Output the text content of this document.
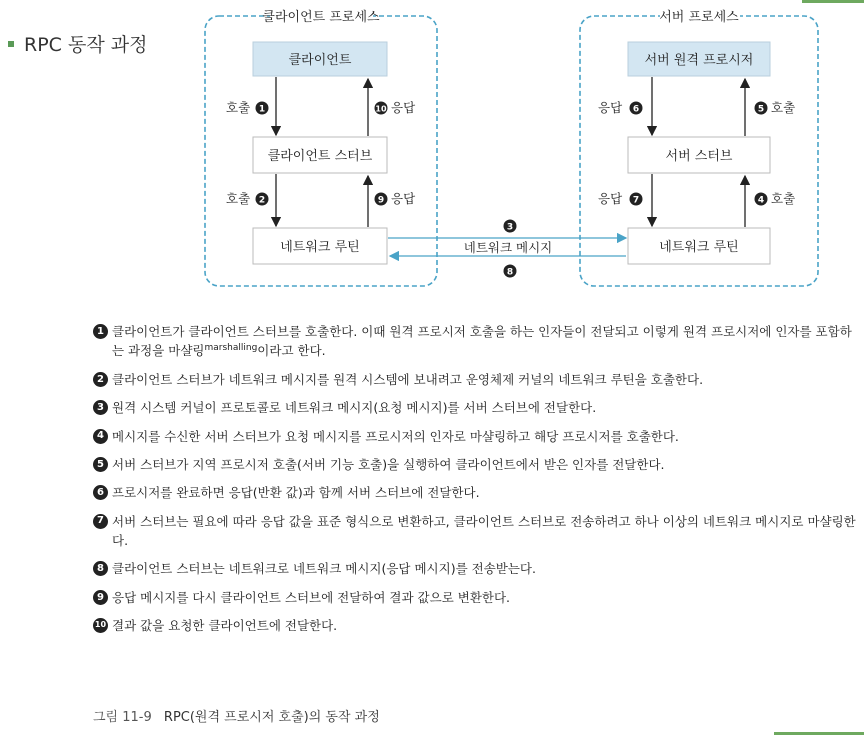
RPC 동작 과정
클라이언트 프로세스	서버 프로세스
클라이언트
클라이언트 스터브
네트워크 루틴
서버 원격 프로시저
서버 스터브
네트워크 루틴
호출 1	10 응답
호출 2	9 응답
응답 6	5 호출
응답 7	4 호출
3
네트워크 메시지
8
1 클라이언트가 클라이언트 스터브를 호출한다. 이때 원격 프로시저 호출을 하는 인자들이 전달되고 이렇게 원격 프로시저에 인자를 포함하는 과정을 마샬링$^{marshalling}$이라고 한다.
2 클라이언트 스터브가 네트워크 메시지를 원격 시스템에 보내려고 운영체제 커널의 네트워크 루틴을 호출한다.
3 원격 시스템 커널이 프로토콜로 네트워크 메시지(요청 메시지)를 서버 스터브에 전달한다.
4 메시지를 수신한 서버 스터브가 요청 메시지를 프로시저의 인자로 마샬링하고 해당 프로시저를 호출한다.
5 서버 스터브가 지역 프로시저 호출(서버 기능 호출)을 실행하여 클라이언트에서 받은 인자를 전달한다.
6 프로시저를 완료하면 응답(반환 값)과 함께 서버 스터브에 전달한다.
7 서버 스터브는 필요에 따라 응답 값을 표준 형식으로 변환하고, 클라이언트 스터브로 전송하려고 하나 이상의 네트워크 메시지로 마샬링한다.
8 클라이언트 스터브는 네트워크로 네트워크 메시지(응답 메시지)를 전송받는다.
9 응답 메시지를 다시 클라이언트 스터브에 전달하여 결과 값으로 변환한다.
10 결과 값을 요청한 클라이언트에 전달한다.
그림 11-9 RPC(원격 프로시저 호출)의 동작 과정
